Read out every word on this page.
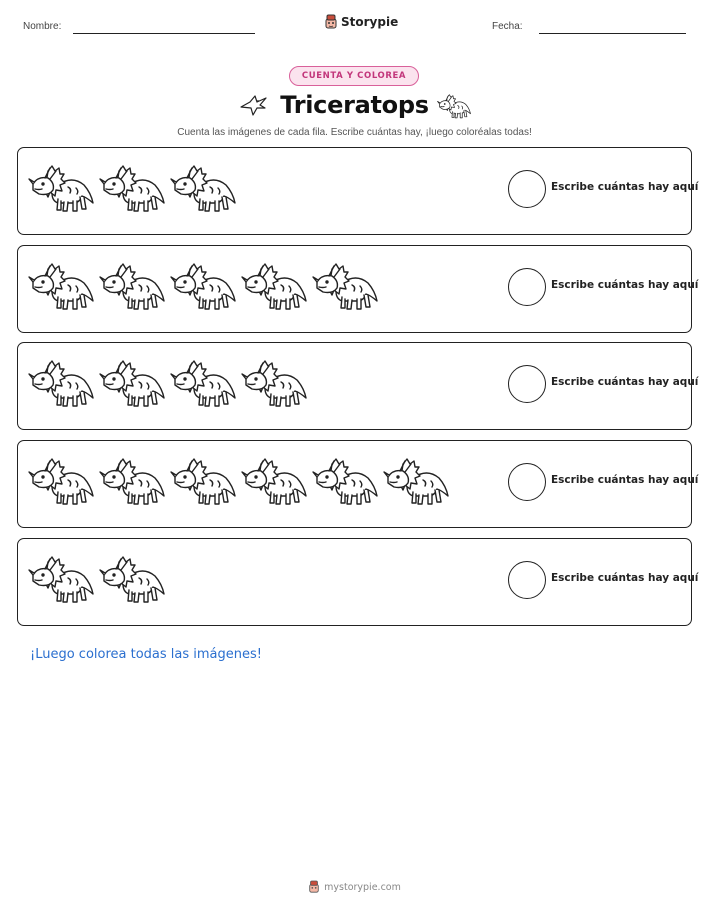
Nombre:	Storypie	Fecha:
CUENTA Y COLOREA
Triceratops
Cuenta las imágenes de cada fila. Escribe cuántas hay, ¡luego coloréalas todas!
Escribe cuántas hay aquí
Escribe cuántas hay aquí
Escribe cuántas hay aquí
Escribe cuántas hay aquí
Escribe cuántas hay aquí
¡Luego colorea todas las imágenes!
mystorypie.com
